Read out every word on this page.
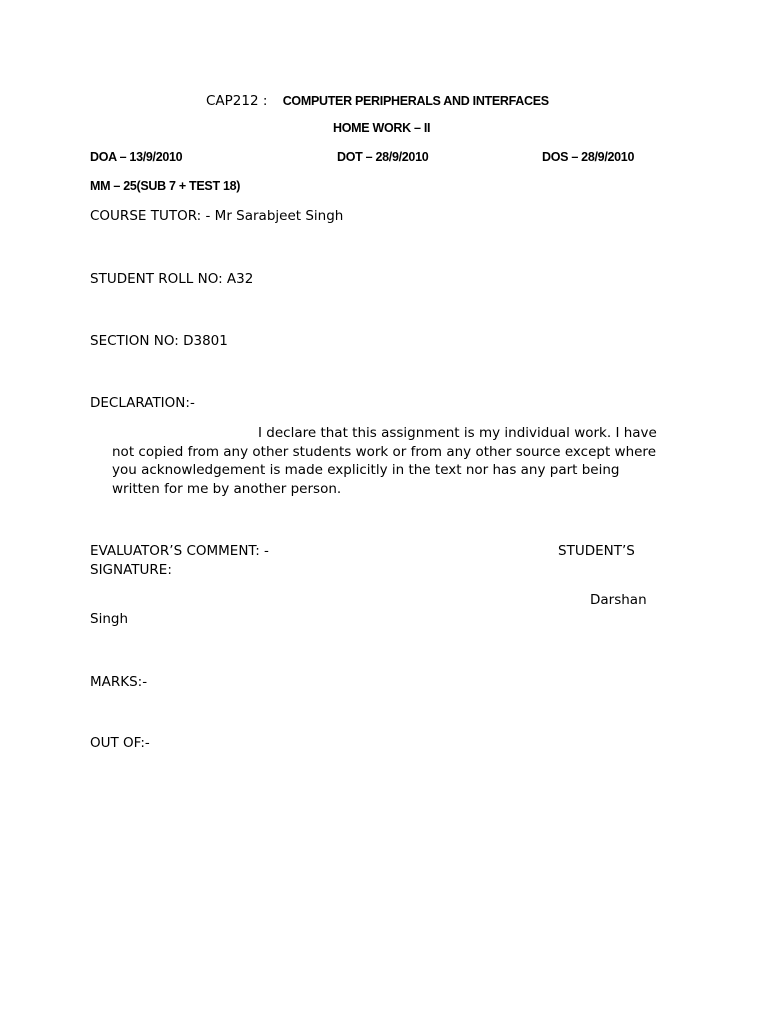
CAP212 : COMPUTER PERIPHERALS AND INTERFACES
HOME WORK – II
DOA – 13/9/2010	DOT – 28/9/2010	DOS – 28/9/2010
MM – 25(SUB 7 + TEST 18)
COURSE TUTOR: - Mr Sarabjeet Singh
STUDENT ROLL NO: A32
SECTION NO: D3801
DECLARATION:-
I declare that this assignment is my individual work. I have
not copied from any other students work or from any other source except where
you acknowledgement is made explicitly in the text nor has any part being
written for me by another person.
EVALUATOR’S COMMENT: -	STUDENT’S
SIGNATURE:
Darshan
Singh
MARKS:-
OUT OF:-
